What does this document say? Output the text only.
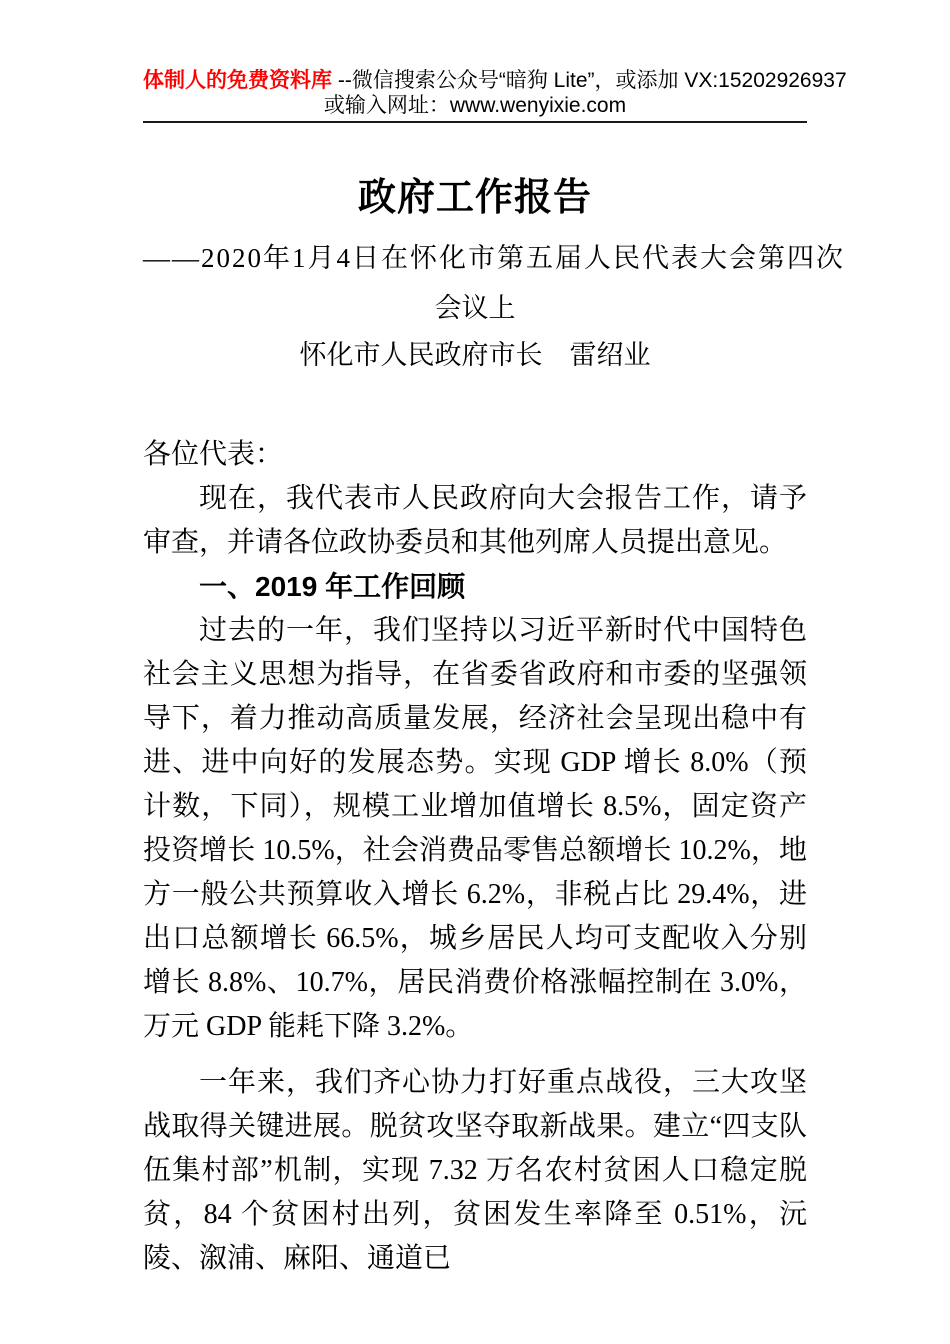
体制人的免费资料库 --微信搜索公众号“暗狗 Lite”，或添加 VX:15202926937
或输入网址：www.wenyixie.com
政府工作报告
——2020年1月4日在怀化市第五届人民代表大会第四次
会议上
怀化市人民政府市长　雷绍业

各位代表：

现在，我代表市人民政府向大会报告工作，请予审查，并请各位政协委员和其他列席人员提出意见。

一、2019 年工作回顾

过去的一年，我们坚持以习近平新时代中国特色社会主义思想为指导，在省委省政府和市委的坚强领导下，着力推动高质量发展，经济社会呈现出稳中有进、进中向好的发展态势。实现 GDP 增长 8.0%（预计数，下同），规模工业增加值增长 8.5%，固定资产投资增长 10.5%，社会消费品零售总额增长 10.2%，地方一般公共预算收入增长 6.2%，非税占比 29.4%，进出口总额增长 66.5%，城乡居民人均可支配收入分别增长 8.8%、10.7%，居民消费价格涨幅控制在 3.0%，万元 GDP 能耗下降 3.2%。

一年来，我们齐心协力打好重点战役，三大攻坚战取得关键进展。脱贫攻坚夺取新战果。建立“四支队伍集村部”机制，实现 7.32 万名农村贫困人口稳定脱贫，84 个贫困村出列，贫困发生率降至 0.51%，沅陵、溆浦、麻阳、通道已
